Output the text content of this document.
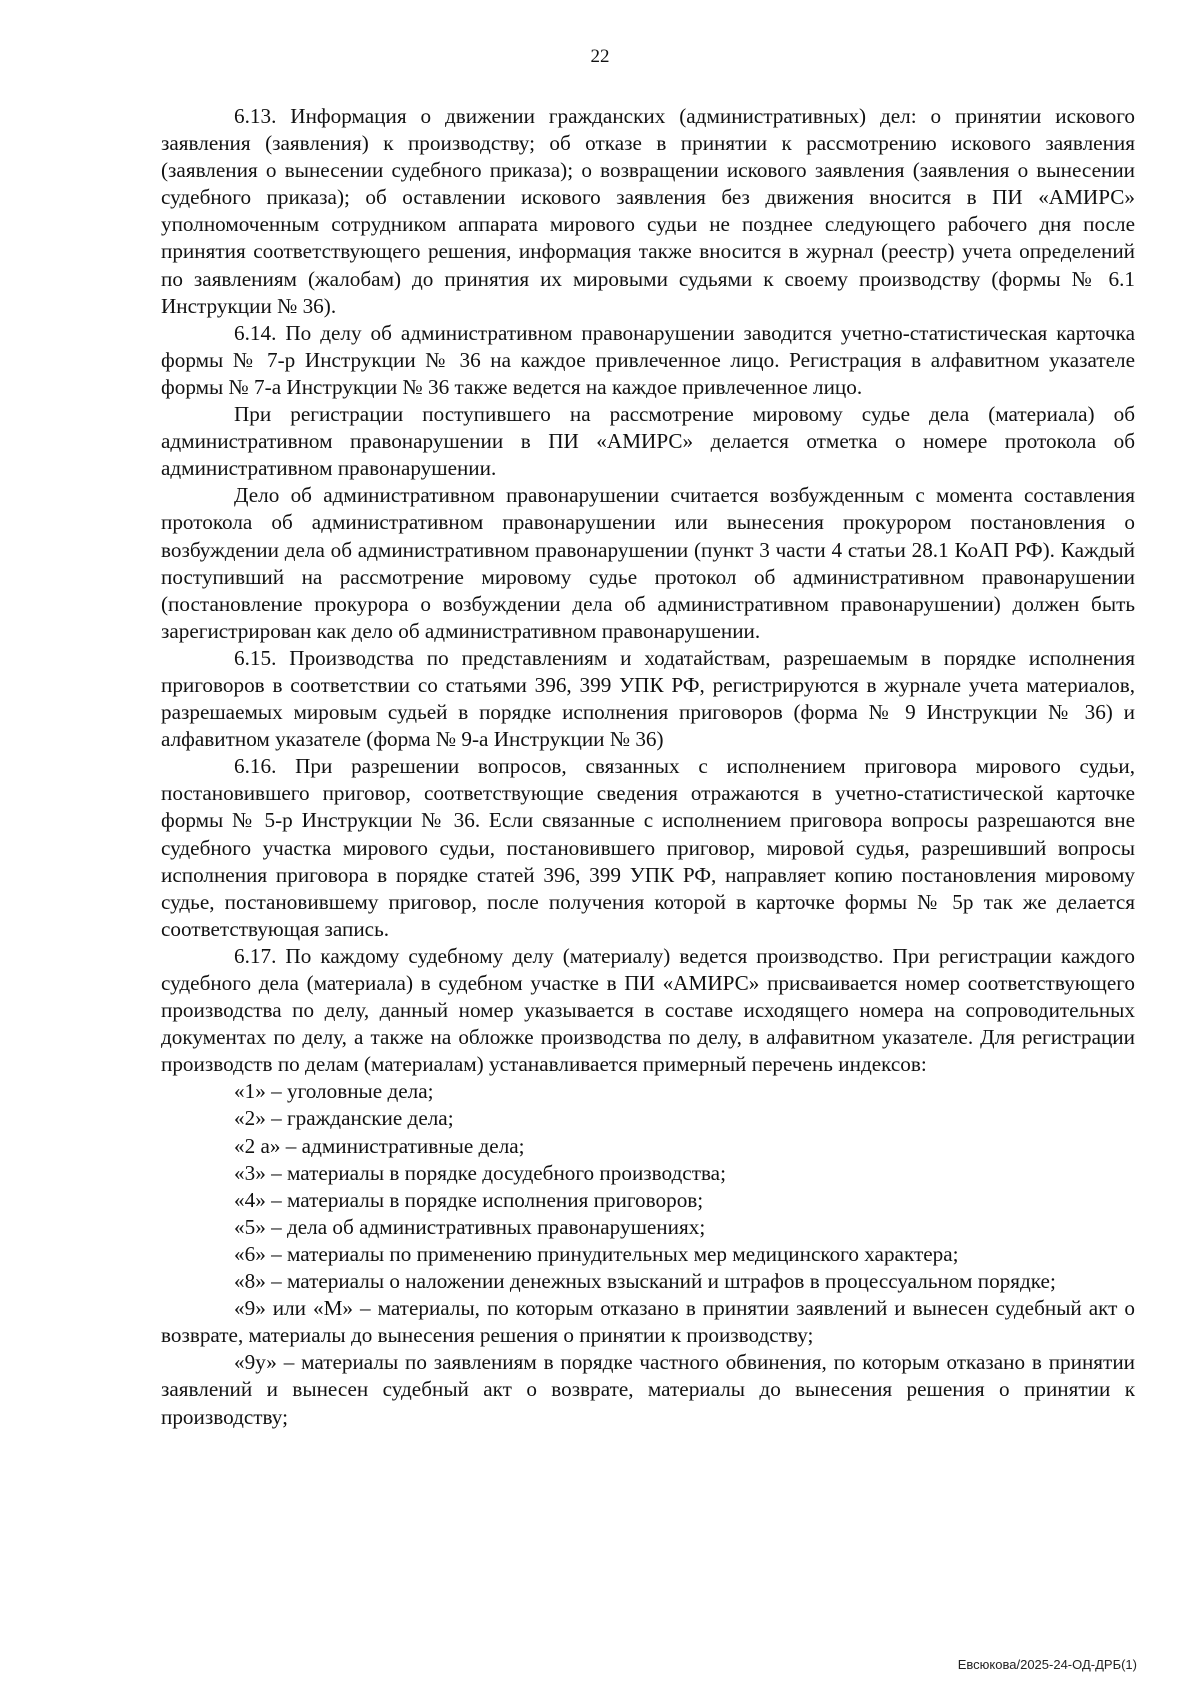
22

6.13. Информация о движении гражданских (административных) дел: о принятии искового заявления (заявления) к производству; об отказе в принятии к рассмотрению искового заявления (заявления о вынесении судебного приказа); о возвращении искового заявления (заявления о вынесении судебного приказа); об оставлении искового заявления без движения вносится в ПИ «АМИРС» уполномоченным сотрудником аппарата мирового судьи не позднее следующего рабочего дня после принятия соответствующего решения, информация также вносится в журнал (реестр) учета определений по заявлениям (жалобам) до принятия их мировыми судьями к своему производству (формы № 6.1 Инструкции № 36).

6.14. По делу об административном правонарушении заводится учетно-статистическая карточка формы № 7-р Инструкции № 36 на каждое привлеченное лицо. Регистрация в алфавитном указателе формы № 7-а Инструкции № 36 также ведется на каждое привлеченное лицо.

При регистрации поступившего на рассмотрение мировому судье дела (материала) об административном правонарушении в ПИ «АМИРС» делается отметка о номере протокола об административном правонарушении.

Дело об административном правонарушении считается возбужденным с момента составления протокола об административном правонарушении или вынесения прокурором постановления о возбуждении дела об административном правонарушении (пункт 3 части 4 статьи 28.1 КоАП РФ). Каждый поступивший на рассмотрение мировому судье протокол об административном правонарушении (постановление прокурора о возбуждении дела об административном правонарушении) должен быть зарегистрирован как дело об административном правонарушении.

6.15. Производства по представлениям и ходатайствам, разрешаемым в порядке исполнения приговоров в соответствии со статьями 396, 399 УПК РФ, регистрируются в журнале учета материалов, разрешаемых мировым судьей в порядке исполнения приговоров (форма № 9 Инструкции № 36) и алфавитном указателе (форма № 9-а Инструкции № 36)

6.16. При разрешении вопросов, связанных с исполнением приговора мирового судьи, постановившего приговор, соответствующие сведения отражаются в учетно-статистической карточке формы № 5-р Инструкции № 36. Если связанные с исполнением приговора вопросы разрешаются вне судебного участка мирового судьи, постановившего приговор, мировой судья, разрешивший вопросы исполнения приговора в порядке статей 396, 399 УПК РФ, направляет копию постановления мировому судье, постановившему приговор, после получения которой в карточке формы № 5р так же делается соответствующая запись.

6.17. По каждому судебному делу (материалу) ведется производство. При регистрации каждого судебного дела (материала) в судебном участке в ПИ «АМИРС» присваивается номер соответствующего производства по делу, данный номер указывается в составе исходящего номера на сопроводительных документах по делу, а также на обложке производства по делу, в алфавитном указателе. Для регистрации производств по делам (материалам) устанавливается примерный перечень индексов:

«1» – уголовные дела;

«2» – гражданские дела;

«2 а» – административные дела;

«3» – материалы в порядке досудебного производства;

«4» – материалы в порядке исполнения приговоров;

«5» – дела об административных правонарушениях;

«6» – материалы по применению принудительных мер медицинского характера;

«8» – материалы о наложении денежных взысканий и штрафов в процессуальном порядке;

«9» или «М» – материалы, по которым отказано в принятии заявлений и вынесен судебный акт о возврате, материалы до вынесения решения о принятии к производству;

«9у» – материалы по заявлениям в порядке частного обвинения, по которым отказано в принятии заявлений и вынесен судебный акт о возврате, материалы до вынесения решения о принятии к производству;

Евсюкова/2025-24-ОД-ДРБ(1)
